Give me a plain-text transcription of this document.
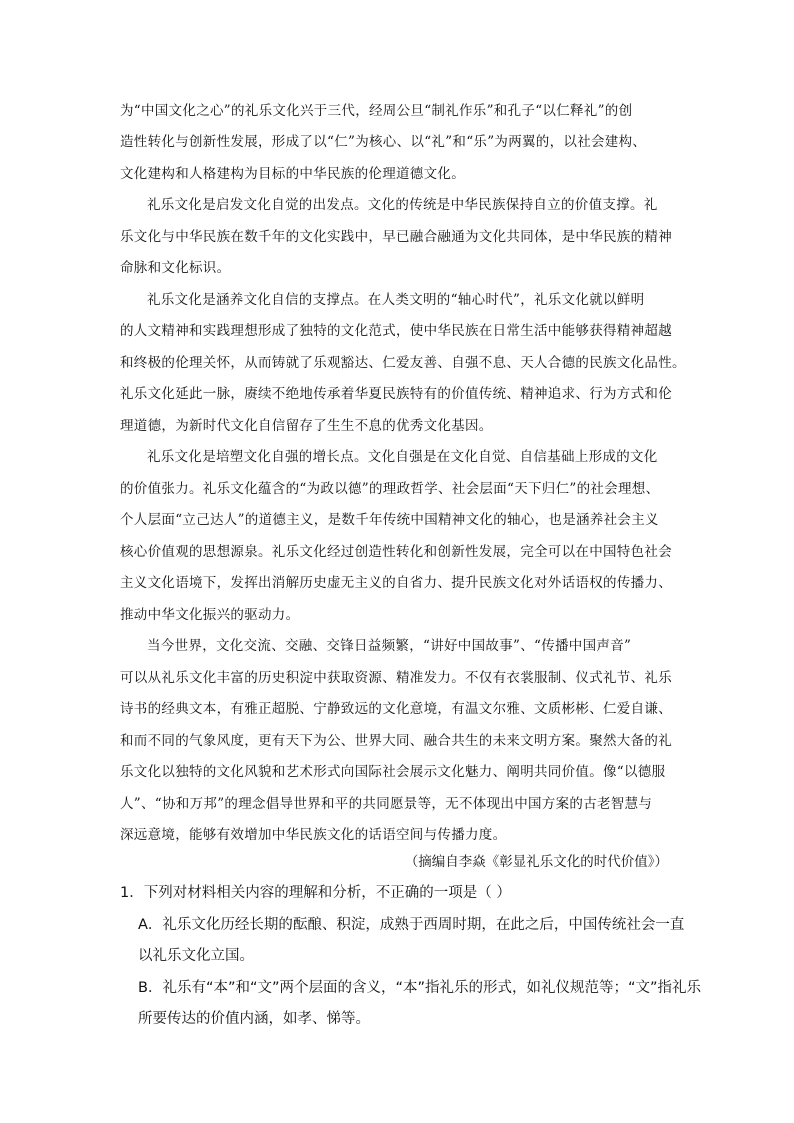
为“中国文化之心”的礼乐文化兴于三代，经周公旦“制礼作乐”和孔子“以仁释礼”的创
造性转化与创新性发展，形成了以“仁”为核心、以“礼”和“乐”为两翼的，以社会建构、
文化建构和人格建构为目标的中华民族的伦理道德文化。
礼乐文化是启发文化自觉的出发点。文化的传统是中华民族保持自立的价值支撑。礼
乐文化与中华民族在数千年的文化实践中，早已融合融通为文化共同体，是中华民族的精神
命脉和文化标识。
礼乐文化是涵养文化自信的支撑点。在人类文明的“轴心时代”，礼乐文化就以鲜明
的人文精神和实践理想形成了独特的文化范式，使中华民族在日常生活中能够获得精神超越
和终极的伦理关怀，从而铸就了乐观豁达、仁爱友善、自强不息、天人合德的民族文化品性。
礼乐文化延此一脉，赓续不绝地传承着华夏民族特有的价值传统、精神追求、行为方式和伦
理道德，为新时代文化自信留存了生生不息的优秀文化基因。
礼乐文化是培塑文化自强的增长点。文化自强是在文化自觉、自信基础上形成的文化
的价值张力。礼乐文化蕴含的“为政以德”的理政哲学、社会层面“天下归仁”的社会理想、
个人层面“立己达人”的道德主义，是数千年传统中国精神文化的轴心，也是涵养社会主义
核心价值观的思想源泉。礼乐文化经过创造性转化和创新性发展，完全可以在中国特色社会
主义文化语境下，发挥出消解历史虚无主义的自省力、提升民族文化对外话语权的传播力、
推动中华文化振兴的驱动力。
当今世界，文化交流、交融、交锋日益频繁，“讲好中国故事”、“传播中国声音”
可以从礼乐文化丰富的历史积淀中获取资源、精准发力。不仅有衣裳服制、仪式礼节、礼乐
诗书的经典文本，有雅正超脱、宁静致远的文化意境，有温文尔雅、文质彬彬、仁爱自谦、
和而不同的气象风度，更有天下为公、世界大同、融合共生的未来文明方案。聚然大备的礼
乐文化以独特的文化风貌和艺术形式向国际社会展示文化魅力、阐明共同价值。像“以德服
人”、“协和万邦”的理念倡导世界和平的共同愿景等，无不体现出中国方案的古老智慧与
深远意境，能够有效增加中华民族文化的话语空间与传播力度。
（摘编自李焱《彰显礼乐文化的时代价值》）
1．下列对材料相关内容的理解和分析，不正确的一项是（ ）
A．礼乐文化历经长期的酝酿、积淀，成熟于西周时期，在此之后，中国传统社会一直
以礼乐文化立国。
B．礼乐有“本”和“文”两个层面的含义，“本”指礼乐的形式，如礼仪规范等；“文”指礼乐
所要传达的价值内涵，如孝、悌等。
